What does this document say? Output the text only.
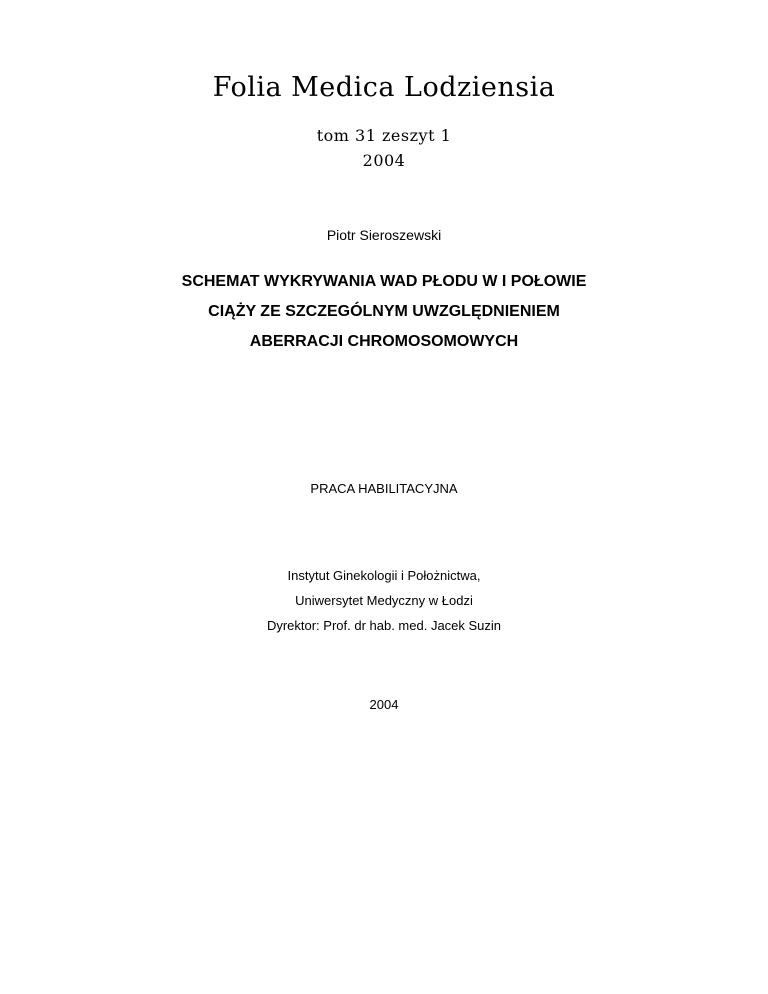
Folia Medica Lodziensia
tom 31 zeszyt 1
2004
Piotr Sieroszewski
SCHEMAT WYKRYWANIA WAD PŁODU W I POŁOWIE
CIĄŻY ZE SZCZEGÓLNYM UWZGLĘDNIENIEM
ABERRACJI CHROMOSOMOWYCH
PRACA HABILITACYJNA
Instytut Ginekologii i Położnictwa,
Uniwersytet Medyczny w Łodzi
Dyrektor: Prof. dr hab. med. Jacek Suzin
2004
